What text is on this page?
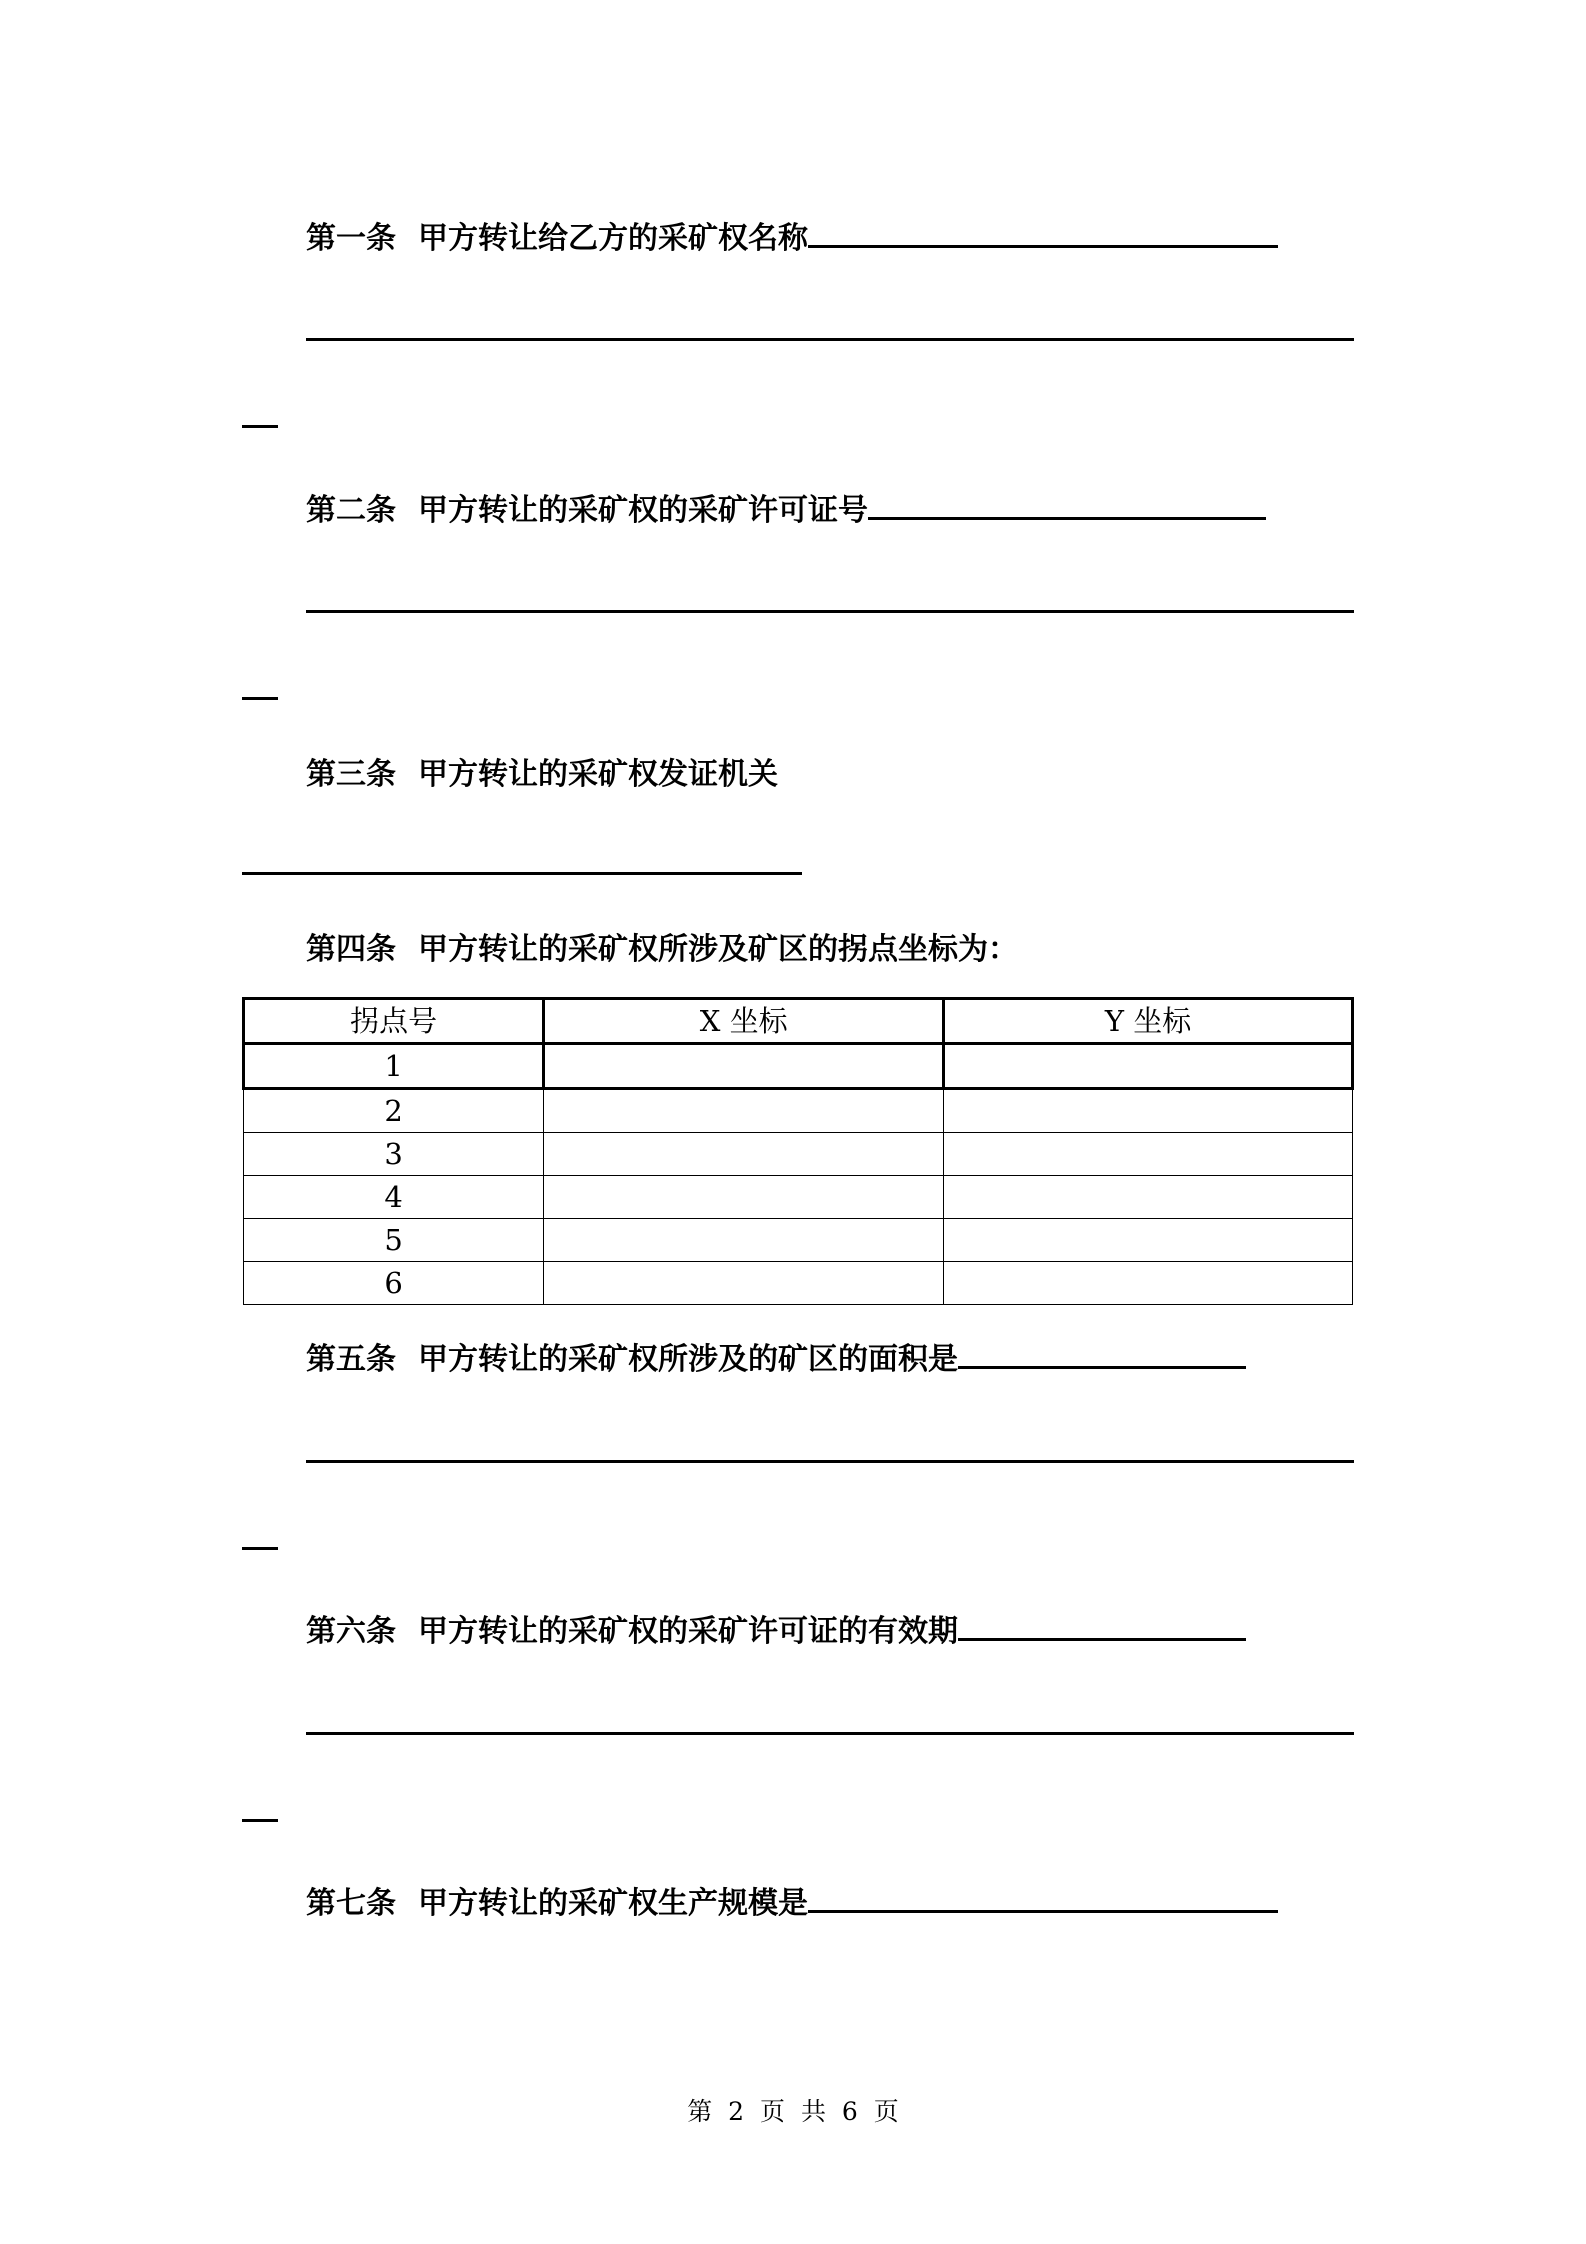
第一条 甲方转让给乙方的采矿权名称
第二条 甲方转让的采矿权的采矿许可证号
第三条 甲方转让的采矿权发证机关
第四条 甲方转让的采矿权所涉及矿区的拐点坐标为：
拐点号	X 坐标	Y 坐标
1		
2		
3		
4		
5		
6		
第五条 甲方转让的采矿权所涉及的矿区的面积是
第六条 甲方转让的采矿权的采矿许可证的有效期
第七条 甲方转让的采矿权生产规模是
第 2 页 共 6 页
